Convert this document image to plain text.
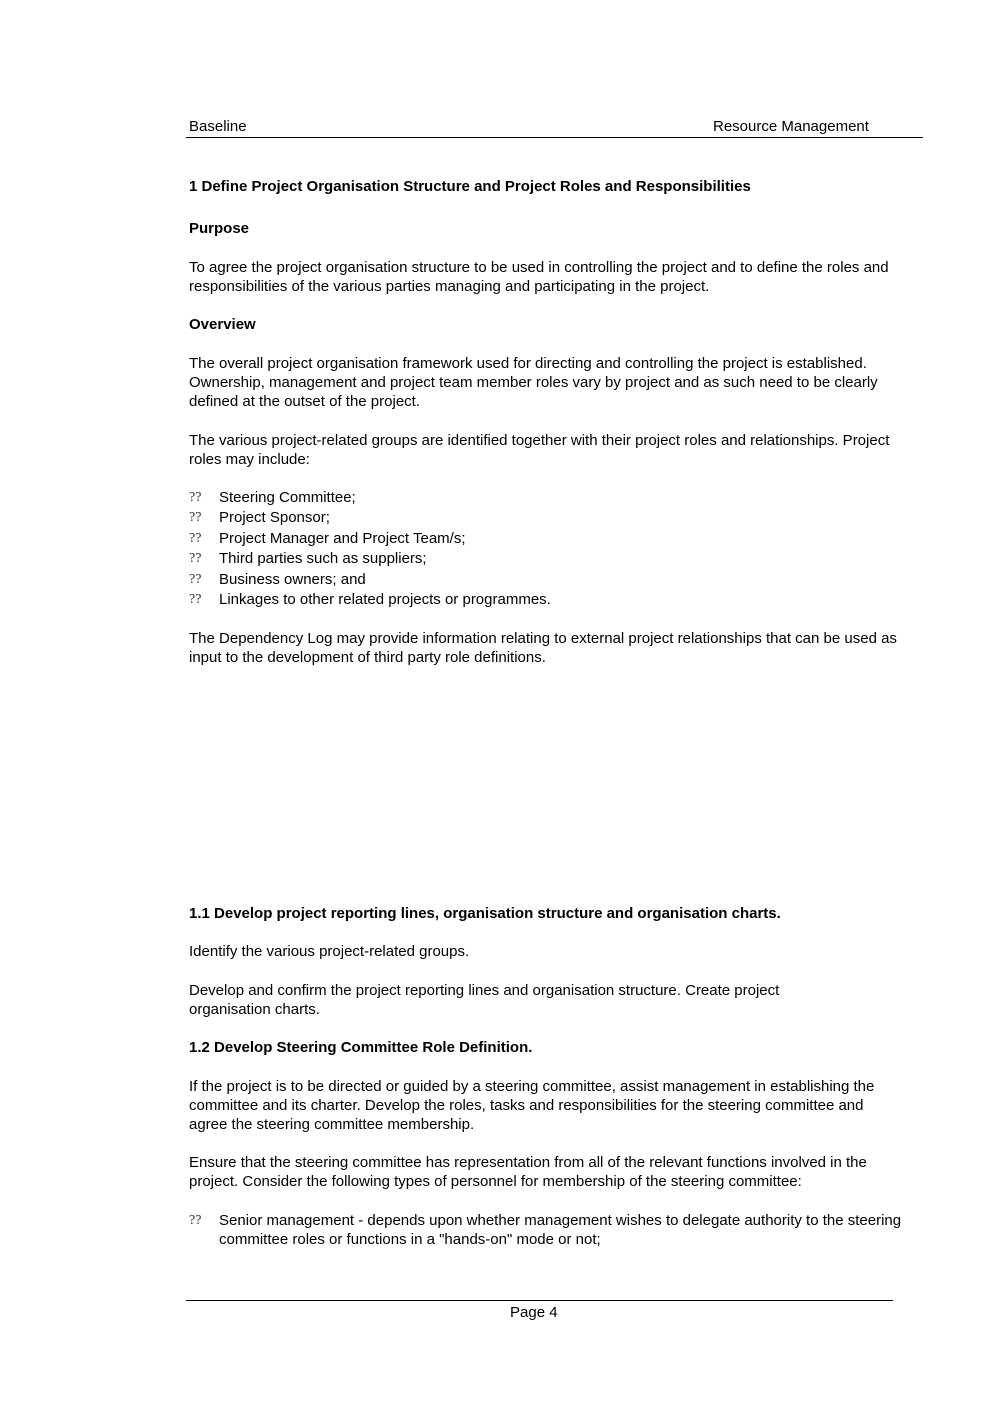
Baseline	Resource Management
1 Define Project Organisation Structure and Project Roles and Responsibilities
Purpose
To agree the project organisation structure to be used in controlling the project and to define the roles and responsibilities of the various parties managing and participating in the project.
Overview
The overall project organisation framework used for directing and controlling the project is established. Ownership, management and project team member roles vary by project and as such need to be clearly defined at the outset of the project.
The various project-related groups are identified together with their project roles and relationships. Project roles may include:
?? Steering Committee;
?? Project Sponsor;
?? Project Manager and Project Team/s;
?? Third parties such as suppliers;
?? Business owners; and
?? Linkages to other related projects or programmes.
The Dependency Log may provide information relating to external project relationships that can be used as input to the development of third party role definitions.
1.1 Develop project reporting lines, organisation structure and organisation charts.
Identify the various project-related groups.
Develop and confirm the project reporting lines and organisation structure. Create project organisation charts.
1.2 Develop Steering Committee Role Definition.
If the project is to be directed or guided by a steering committee, assist management in establishing the committee and its charter. Develop the roles, tasks and responsibilities for the steering committee and agree the steering committee membership.
Ensure that the steering committee has representation from all of the relevant functions involved in the project. Consider the following types of personnel for membership of the steering committee:
?? Senior management - depends upon whether management wishes to delegate authority to the steering committee roles or functions in a "hands-on" mode or not;
Page 4
